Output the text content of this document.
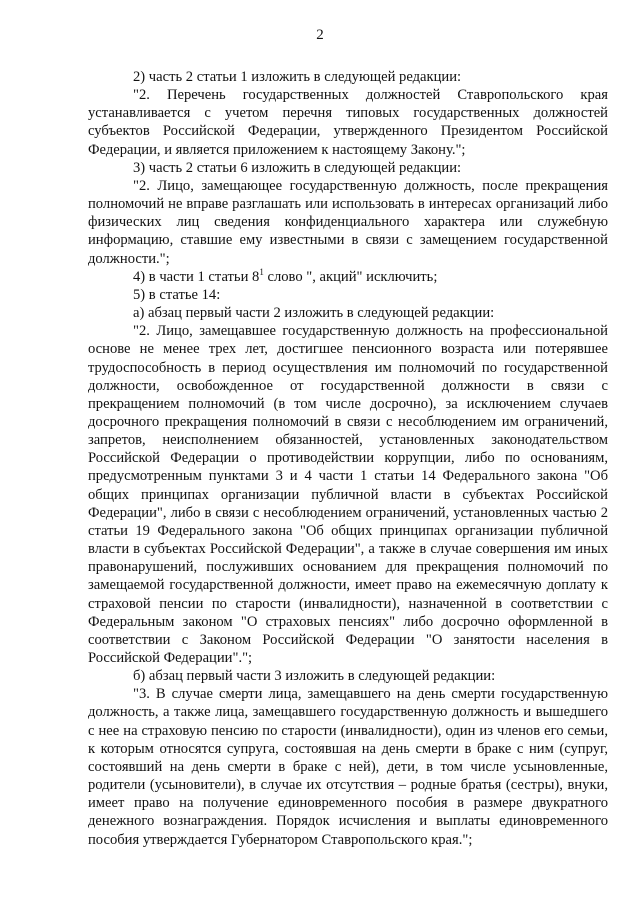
2

2) часть 2 статьи 1 изложить в следующей редакции:

"2. Перечень государственных должностей Ставропольского края устанавливается с учетом перечня типовых государственных должностей субъектов Российской Федерации, утвержденного Президентом Российской Федерации, и является приложением к настоящему Закону.";

3) часть 2 статьи 6 изложить в следующей редакции:

"2. Лицо, замещающее государственную должность, после прекращения полномочий не вправе разглашать или использовать в интересах организаций либо физических лиц сведения конфиденциального характера или служебную информацию, ставшие ему известными в связи с замещением государственной должности.";

4) в части 1 статьи $8^1$ слово ", акций" исключить;

5) в статье 14:

а) абзац первый части 2 изложить в следующей редакции:

"2. Лицо, замещавшее государственную должность на профессиональной основе не менее трех лет, достигшее пенсионного возраста или потерявшее трудоспособность в период осуществления им полномочий по государственной должности, освобожденное от государственной должности в связи с прекращением полномочий (в том числе досрочно), за исключением случаев досрочного прекращения полномочий в связи с несоблюдением им ограничений, запретов, неисполнением обязанностей, установленных законодательством Российской Федерации о противодействии коррупции, либо по основаниям, предусмотренным пунктами 3 и 4 части 1 статьи 14 Федерального закона "Об общих принципах организации публичной власти в субъектах Российской Федерации", либо в связи с несоблюдением ограничений, установленных частью 2 статьи 19 Федерального закона "Об общих принципах организации публичной власти в субъектах Российской Федерации", а также в случае совершения им иных правонарушений, послуживших основанием для прекращения полномочий по замещаемой государственной должности, имеет право на ежемесячную доплату к страховой пенсии по старости (инвалидности), назначенной в соответствии с Федеральным законом "О страховых пенсиях" либо досрочно оформленной в соответствии с Законом Российской Федерации "О занятости населения в Российской Федерации".";

б) абзац первый части 3 изложить в следующей редакции:

"3. В случае смерти лица, замещавшего на день смерти государственную должность, а также лица, замещавшего государственную должность и вышедшего с нее на страховую пенсию по старости (инвалидности), один из членов его семьи, к которым относятся супруга, состоявшая на день смерти в браке с ним (супруг, состоявший на день смерти в браке с ней), дети, в том числе усыновленные, родители (усыновители), в случае их отсутствия – родные братья (сестры), внуки, имеет право на получение единовременного пособия в размере двукратного денежного вознаграждения. Порядок исчисления и выплаты единовременного пособия утверждается Губернатором Ставропольского края.";
